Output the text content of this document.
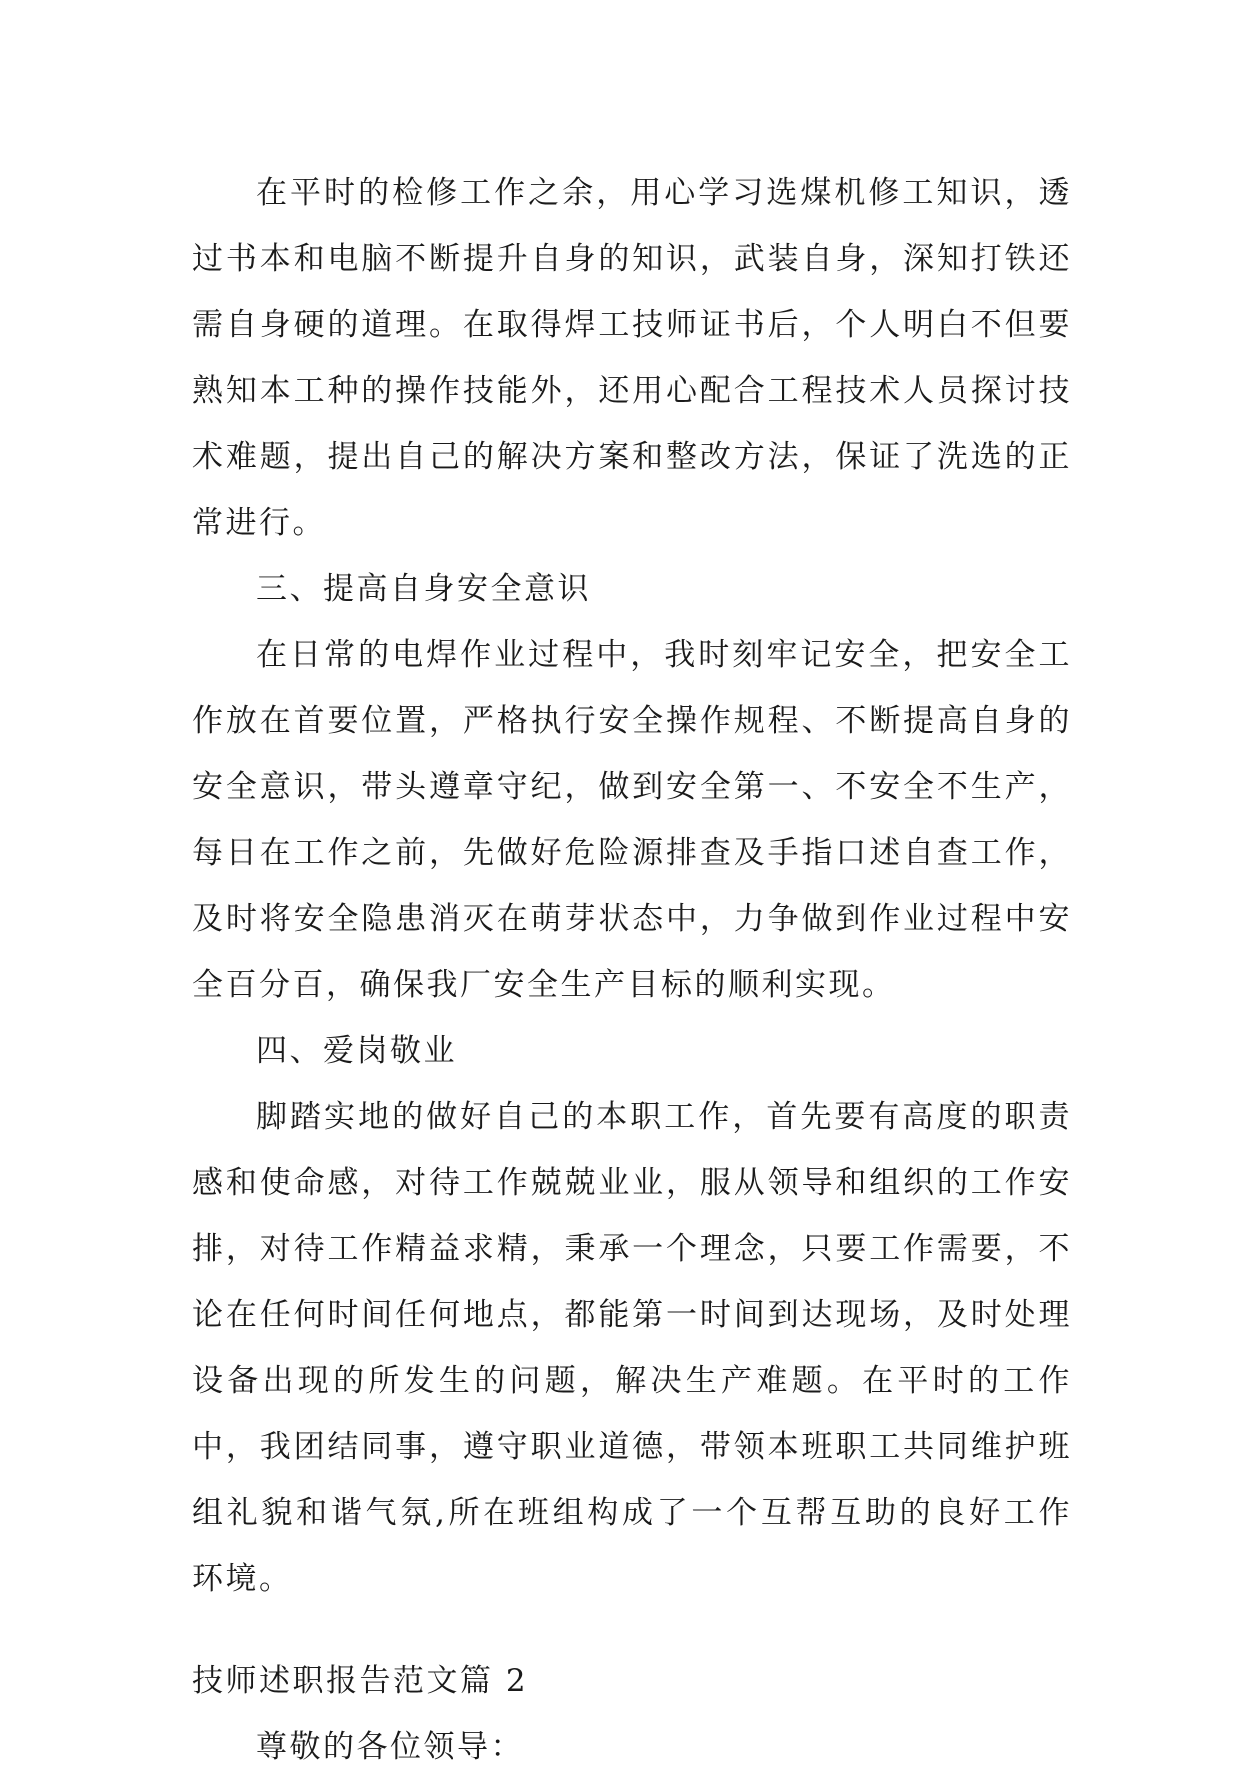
在平时的检修工作之余，用心学习选煤机修工知识，透过书本和电脑不断提升自身的知识，武装自身，深知打铁还需自身硬的道理。在取得焊工技师证书后，个人明白不但要熟知本工种的操作技能外，还用心配合工程技术人员探讨技术难题，提出自己的解决方案和整改方法，保证了洗选的正常进行。

三、提高自身安全意识

在日常的电焊作业过程中，我时刻牢记安全，把安全工作放在首要位置，严格执行安全操作规程、不断提高自身的安全意识，带头遵章守纪，做到安全第一、不安全不生产，每日在工作之前，先做好危险源排查及手指口述自查工作，及时将安全隐患消灭在萌芽状态中，力争做到作业过程中安全百分百，确保我厂安全生产目标的顺利实现。

四、爱岗敬业

脚踏实地的做好自己的本职工作，首先要有高度的职责感和使命感，对待工作兢兢业业，服从领导和组织的工作安排，对待工作精益求精，秉承一个理念，只要工作需要，不论在任何时间任何地点，都能第一时间到达现场，及时处理设备出现的所发生的问题，解决生产难题。在平时的工作中，我团结同事，遵守职业道德，带领本班职工共同维护班组礼貌和谐气氛,所在班组构成了一个互帮互助的良好工作环境。

技师述职报告范文篇 2

尊敬的各位领导：
